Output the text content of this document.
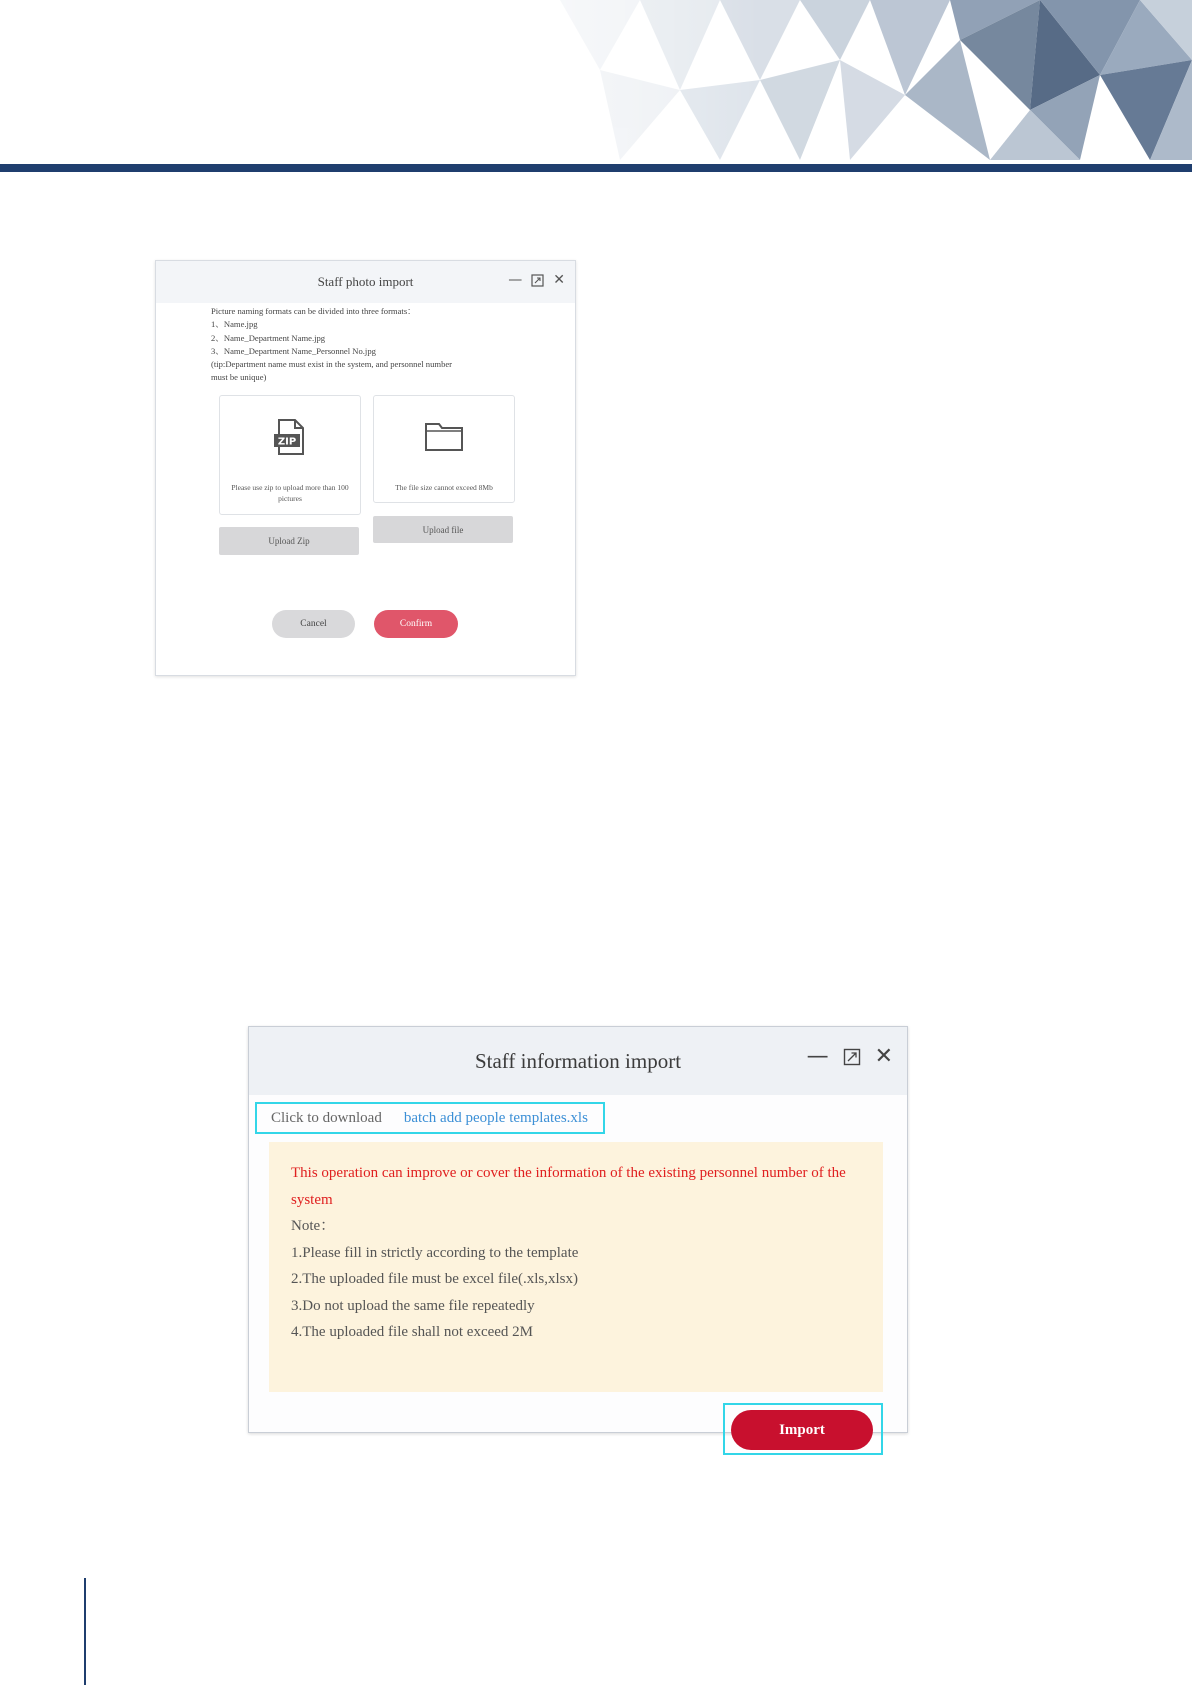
Staff photo import	— ✕
Picture naming formats can be divided into three formats：
1、Name.jpg
2、Name_Department Name.jpg
3、Name_Department Name_Personnel No.jpg
(tip:Department name must exist in the system, and personnel number
must be unique)
ZIP
Please use zip to upload more than 100 pictures
The file size cannot exceed 8Mb
Upload Zip
Upload file
Cancel	Confirm
Staff information import	— ✕
Click to download batch add people templates.xls
This operation can improve or cover the information of the existing personnel number of the system
Note：
1.Please fill in strictly according to the template
2.The uploaded file must be excel file(.xls,xlsx)
3.Do not upload the same file repeatedly
4.The uploaded file shall not exceed 2M
Import
